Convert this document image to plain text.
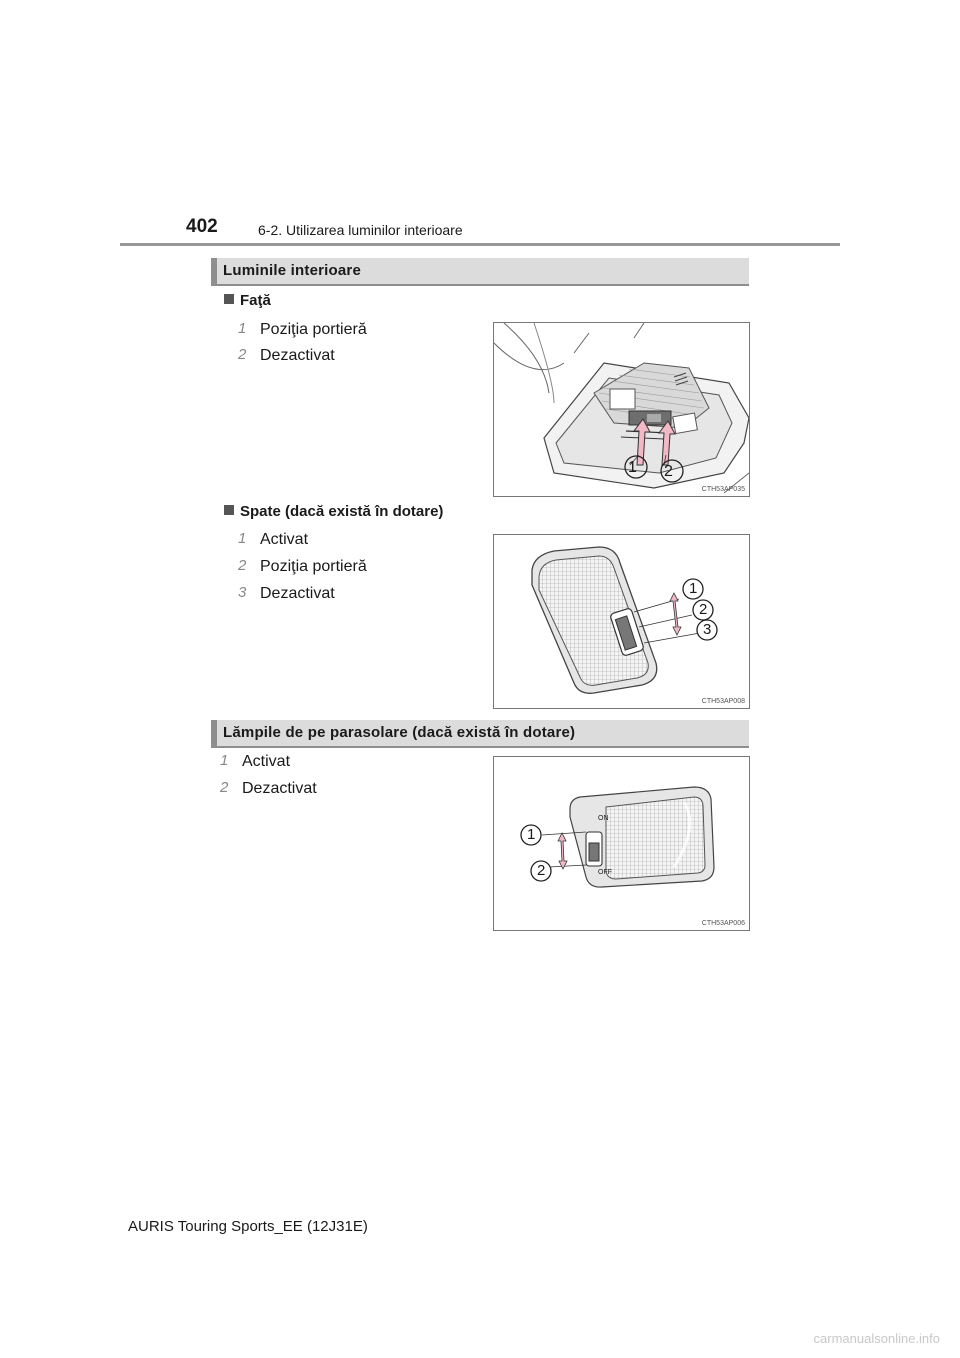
402	6-2. Utilizarea luminilor interioare
Luminile interioare
Faţă
1 Poziţia portieră
2 Dezactivat
1 2
CTH53AP035
Spate (dacă există în dotare)
1 Activat
2 Poziţia portieră
3 Dezactivat	1
2
3
CTH53AP008
Lămpile de pe parasolare (dacă există în dotare)
1 Activat
2 Dezactivat
1
2
ON
OFF
CTH53AP006
AURIS Touring Sports_EE (12J31E)
carmanualsonline.info
